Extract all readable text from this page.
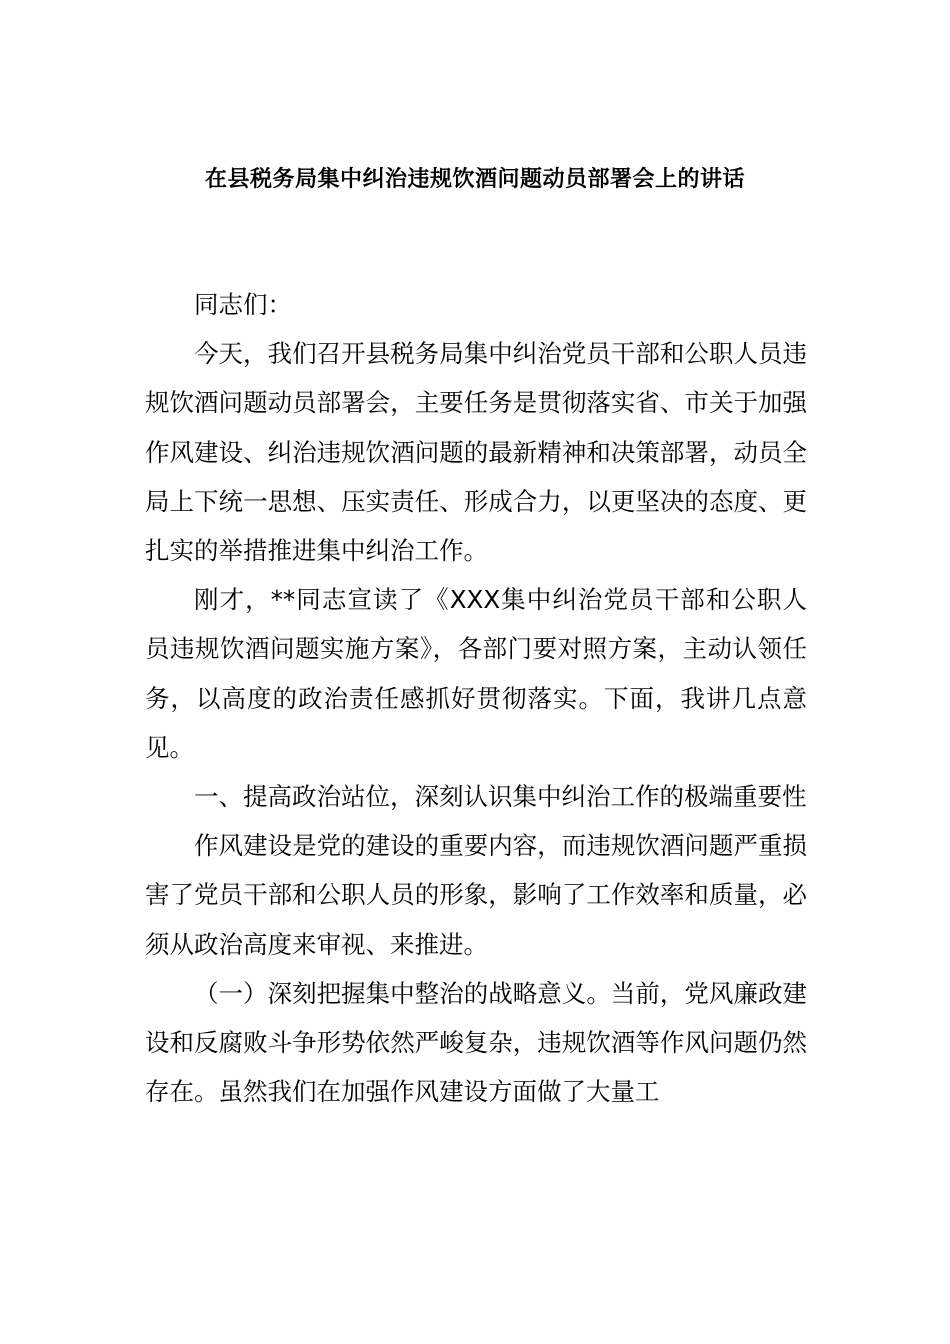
在县税务局集中纠治违规饮酒问题动员部署会上的讲话

同志们：

今天，我们召开县税务局集中纠治党员干部和公职人员违规饮酒问题动员部署会，主要任务是贯彻落实省、市关于加强作风建设、纠治违规饮酒问题的最新精神和决策部署，动员全局上下统一思想、压实责任、形成合力，以更坚决的态度、更扎实的举措推进集中纠治工作。

刚才，**同志宣读了《XXX集中纠治党员干部和公职人员违规饮酒问题实施方案》，各部门要对照方案，主动认领任务，以高度的政治责任感抓好贯彻落实。下面，我讲几点意见。

一、提高政治站位，深刻认识集中纠治工作的极端重要性

作风建设是党的建设的重要内容，而违规饮酒问题严重损害了党员干部和公职人员的形象，影响了工作效率和质量，必须从政治高度来审视、来推进。

（一）深刻把握集中整治的战略意义。当前，党风廉政建设和反腐败斗争形势依然严峻复杂，违规饮酒等作风问题仍然存在。虽然我们在加强作风建设方面做了大量工
